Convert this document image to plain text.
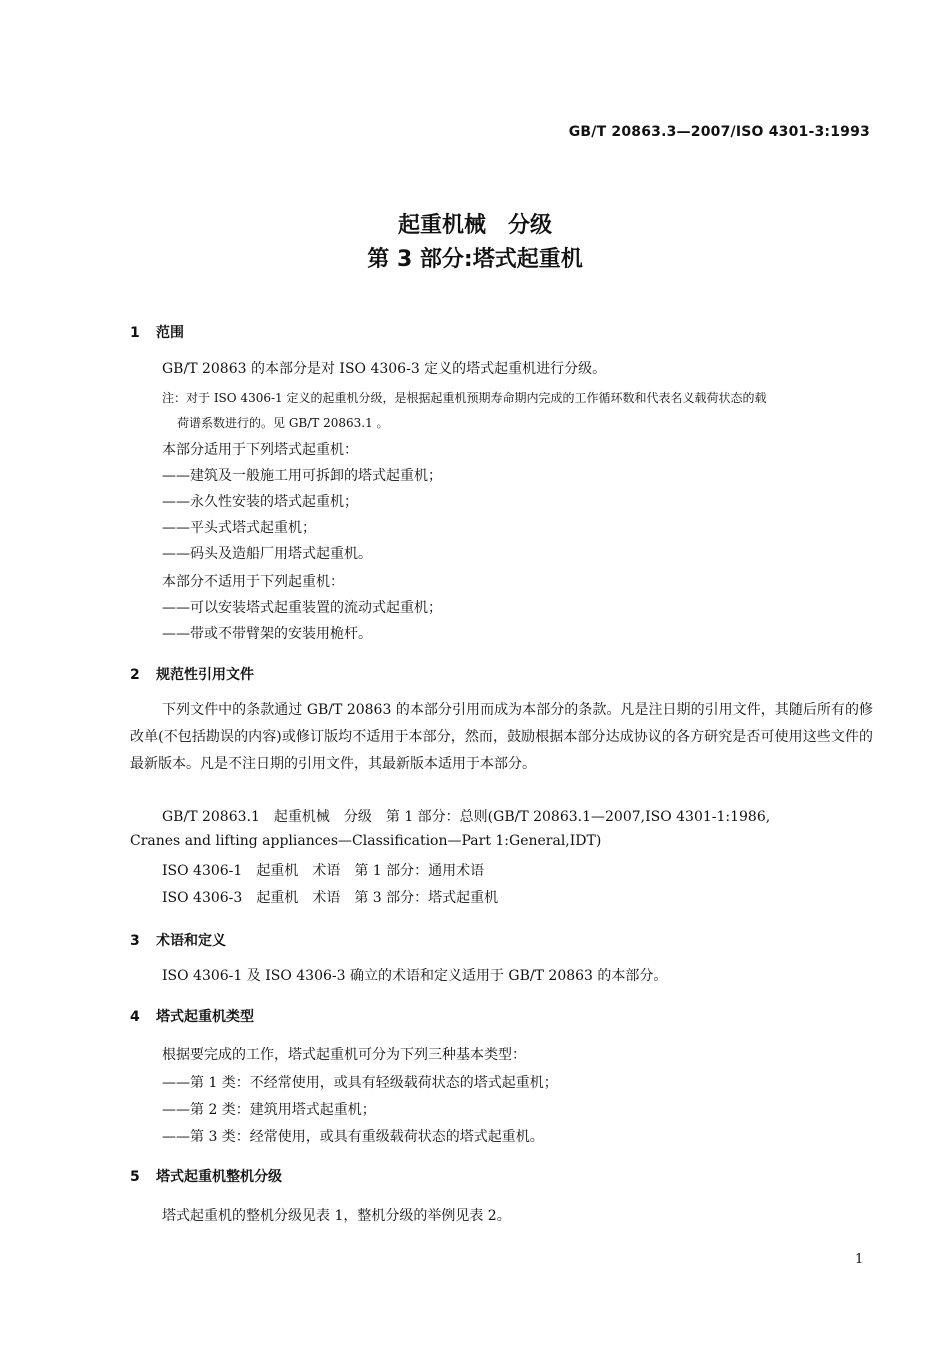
GB/T 20863.3—2007/ISO 4301-3:1993
起重机械　分级
第 3 部分:塔式起重机
1 范围
GB/T 20863 的本部分是对 ISO 4306-3 定义的塔式起重机进行分级。
注：对于 ISO 4306-1 定义的起重机分级，是根据起重机预期寿命期内完成的工作循环数和代表名义载荷状态的载
荷谱系数进行的。见 GB/T 20863.1 。
本部分适用于下列塔式起重机：
——建筑及一般施工用可拆卸的塔式起重机；
——永久性安装的塔式起重机；
——平头式塔式起重机；
——码头及造船厂用塔式起重机。
本部分不适用于下列起重机：
——可以安装塔式起重装置的流动式起重机；
——带或不带臂架的安装用桅杆。
2 规范性引用文件
下列文件中的条款通过 GB/T 20863 的本部分引用而成为本部分的条款。凡是注日期的引用文件，其随后所有的修改单(不包括勘误的内容)或修订版均不适用于本部分，然而，鼓励根据本部分达成协议的各方研究是否可使用这些文件的最新版本。凡是不注日期的引用文件，其最新版本适用于本部分。
GB/T 20863.1　起重机械　分级　第 1 部分：总则(GB/T 20863.1—2007,ISO 4301-1:1986,
Cranes and lifting appliances—Classification—Part 1:General,IDT)
ISO 4306-1　起重机　术语　第 1 部分：通用术语
ISO 4306-3　起重机　术语　第 3 部分：塔式起重机
3 术语和定义
ISO 4306-1 及 ISO 4306-3 确立的术语和定义适用于 GB/T 20863 的本部分。
4 塔式起重机类型
根据要完成的工作，塔式起重机可分为下列三种基本类型：
——第 1 类：不经常使用，或具有轻级载荷状态的塔式起重机；
——第 2 类：建筑用塔式起重机；
——第 3 类：经常使用，或具有重级载荷状态的塔式起重机。
5 塔式起重机整机分级
塔式起重机的整机分级见表 1，整机分级的举例见表 2。
1
